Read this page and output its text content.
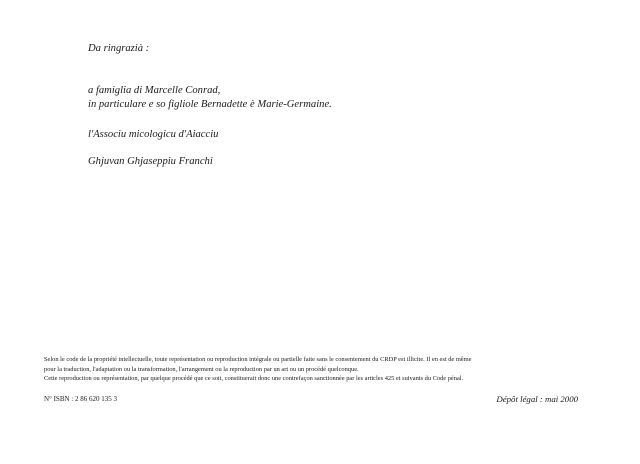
Da ringrazià :
a famiglia di Marcelle Conrad,
in particulare e so figliole Bernadette è Marie-Germaine.
l'Associu micologicu d'Aiacciu
Ghjuvan Ghjaseppiu Franchi
Selon le code de la propriété intellectuelle, toute représentation ou reproduction intégrale ou partielle faite sans le consentement du CRDP est illicite. Il en est de même
pour la traduction, l'adaptation ou la transformation, l'arrangement ou la reproduction par un art ou un procédé quelconque.
Cette reproduction ou représentation, par quelque procédé que ce soit, constituerait donc une contrefaçon sanctionnée par les articles 425 et suivants du Code pénal.
N° ISBN : 2 86 620 135 3	Dépôt légal : mai 2000
